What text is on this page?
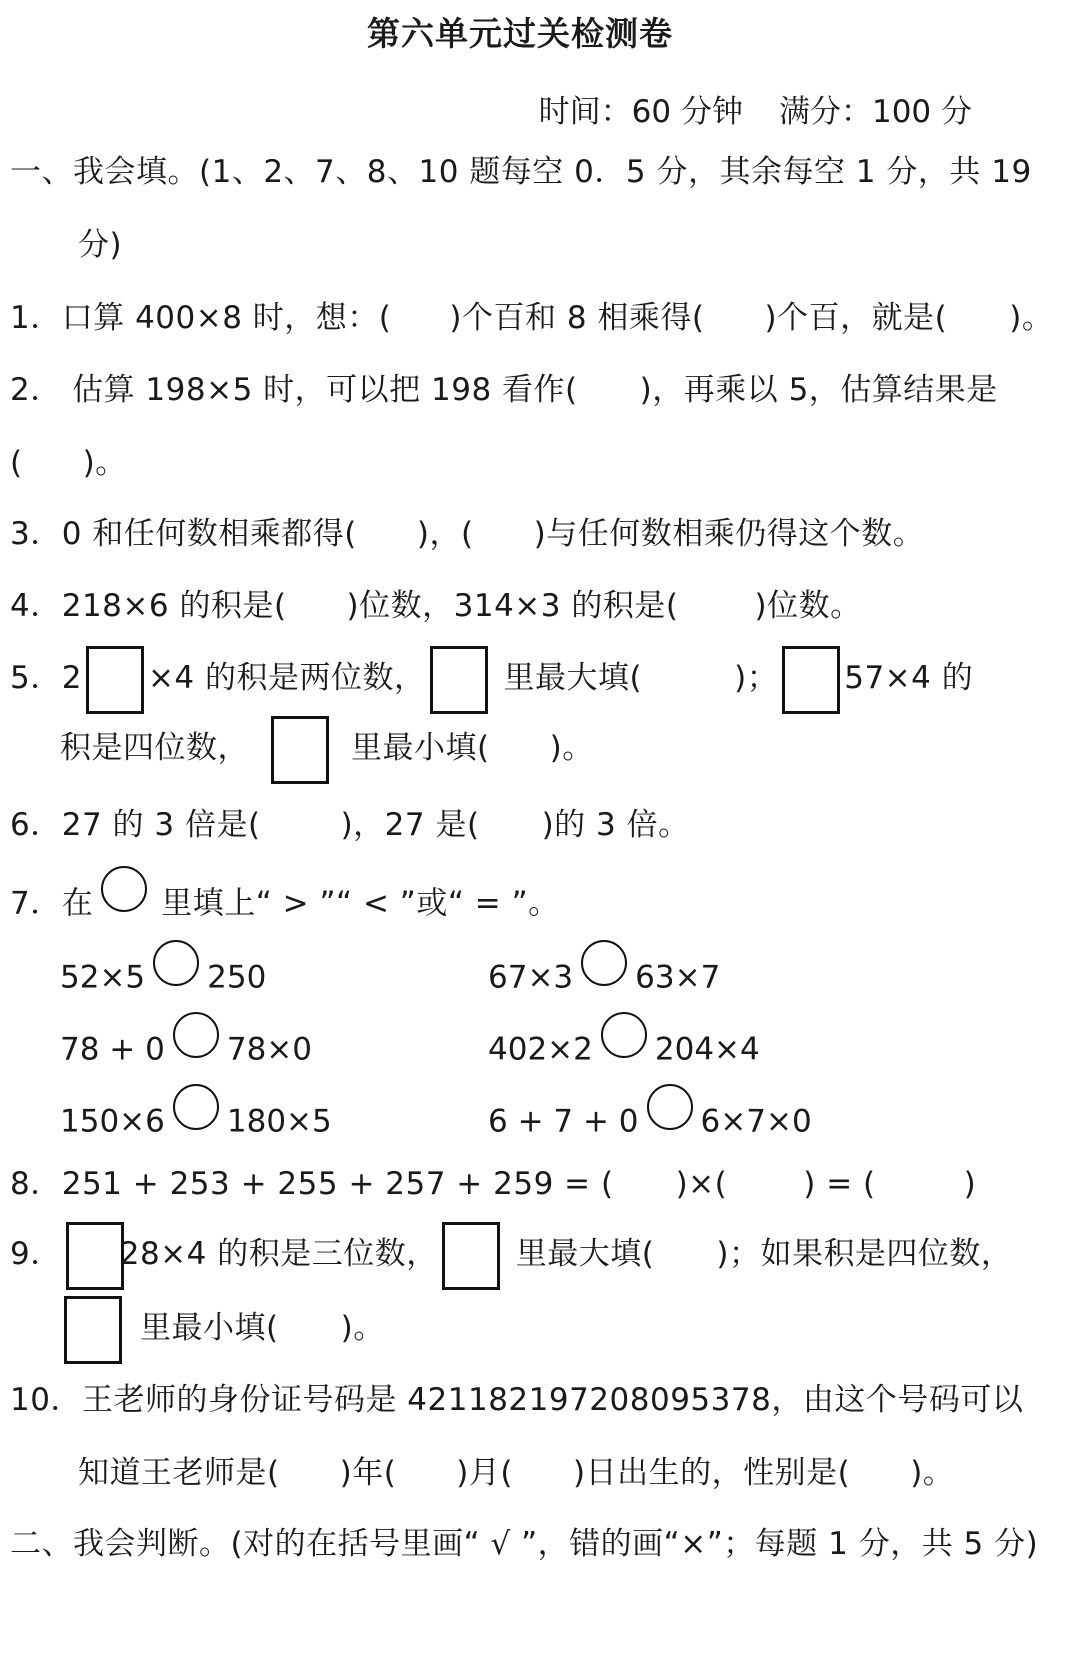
第六单元过关检测卷
时间：60 分钟 满分：100 分
一、我会填。(1、2、7、8、10 题每空 0．5 分，其余每空 1 分，共 19
分)
1．口算 400×8 时，想：( )个百和 8 相乘得( )个百，就是( )。
2． 估算 198×5 时，可以把 198 看作( )，再乘以 5，估算结果是
( )。
3．0 和任何数相乘都得( )，( )与任何数相乘仍得这个数。
4．218×6 的积是( )位数，314×3 的积是( )位数。
5．2 ×4 的积是两位数，	里最大填(	)； 57×4 的
积是四位数，	里最小填( )。
6．27 的 3 倍是(	)，27 是( )的 3 倍。
7．在 里填上“ > ”“ < ”或“ = ”。
52×5 250	67×3 63×7
78 + 0 78×0	402×2 204×4
150×6 180×5	6 + 7 + 0 6×7×0
8．251 + 253 + 255 + 257 + 259 = ( )×( ) = (	)
9． 28×4 的积是三位数，	里最大填( )；如果积是四位数，
里最小填( )。
10．王老师的身份证号码是 421182197208095378，由这个号码可以
知道王老师是( )年( )月( )日出生的，性别是( )。
二、我会判断。(对的在括号里画“ √ ”，错的画“×”；每题 1 分，共 5 分)
